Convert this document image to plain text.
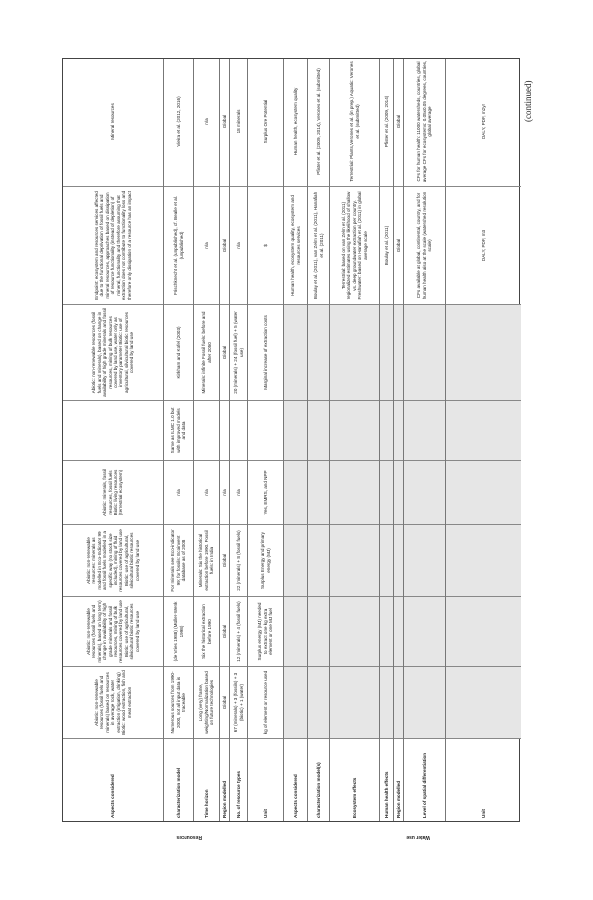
Resources	Water use
Aspects considered
Abiotic: non-renewable resources (fossil fuels and minerals) based on resources in average rock, water extraction (irrigation, drinking) Biotic: wood extraction, fish and meat extraction
Abiotic: non-renewable resources (fossil fuels and minerals), based on long term) change in availability of high grade minerals and fossil resources, mining of bulk resources covered by land use Biotic: use of agricultural, silvicultural biotic resources covered by land use
Abiotic: non-renewable resources: minerals as modelled in Eco-Indicator 99 and fossil fuels modelled in a specific way (no stock size included), mining of fluid resources covered by land use Biotic: use of agricultural, silvicultural biotic resources covered by land use
Abiotic: minerals, fossil resources, fossil fuels Biotic: living resources (terrestrial ecosystem)
Abiotic: non-renewable resources (fossil fuels and minerals), based on change in availability of high grade minerals and fossil resources, mining of bulk resources covered by land use, water only as inventory parameter Biotic: use of agricultural, silvicultural biotic resources covered by land use
Endpoint: ecosystem and resources services affected due to the functional deprivation of fossil fuels and mineral resources, approaches based on dissipation of resource functionality (instead of depletion) of mineral, functionality and therefore assuming that extraction does not contribute to functionality loss and therefore only dissipation of a resource has an impact
Mineral resources
characterization model
Numerous sources from 1990-2000, not all input data is traceable
(de Vries 1988) (Müller-Wenk 1998)
For minerals see Eco-indicator 99; for fossils: Ecoinvent database as of 2008
n/a
Same as ILMC 1.0 but with improved models and data
Kirkham and Kofel (2003)
Frischknecht et al. (unpublished), cf. Bealle et al. (unpublished)
Vieira et al. (2012, 2016)
Time horizon
Long (very) frame, weighting/Normalization based on future technologies
Six the historical extraction before 1990
Minerals: Six the historical extraction before 1990. Fossil fuels: in India
n/a
Minerals: infinite Fossil fuels: before and after 2050
n/a
n/a
Region modelled
Global
Global
Global
n/a
Global
Global
Global
No. of resource types
67 (minerals) + 3 (fossils) + 3 (biotic) + 1 (water)
12 (minerals) + 4 (fossil fuels)
22 (minerals) + 8 (fossil fuels)
n/a
20 (minerals) + 24 (fossil fuel) + 5 (water use)
n/a
18 minerals
Unit
kg of element or resource used
Surplus energy (MJ) needed to extract one kg extra element or one MJ fuel
Surplus Energy and primary energy (MJ)
Yes, EMRS, and NPP
Marginal increase of extraction costs
$
Surplus Ore Potential
Aspects considered
Human health, ecosystem quality, ecosystem and resources services
Human health, ecosystem quality
characterization model(s)
Boulay et al. (2011), van Zelm et al. (2011), Hanafiah et al. (2011)
Pfister et al. (2009, 2014), Verones et al. (submitted)
Ecosystem effects
Terrestrial: based on van Zelm et al. (2011) regionalized estimates using the likelihood of shallow vs. deep groundwater extraction per country. Freshwater: based on Hanafiah et al. (2011) in global average scale
Terrestrial: Plants,Verones et al. (in prep.) Aquatic: Verones et al. (submitted)
Human health effects
Boulay et al. (2011)
Pfister et al. (2009, 2014)
Region modelled
Global
Global
Level of spatial differentiation
CFs available at global, continental, country, and for human health also at the scale (watershed resolution scale)
CFs for human health: 11000 watersheds, countries, global average CFs for ecosystems: 0.05x0.05 degrees, countries, global average
Unit
DALY, PDF, m3
DALY, PDF, m2yr	(continued)
